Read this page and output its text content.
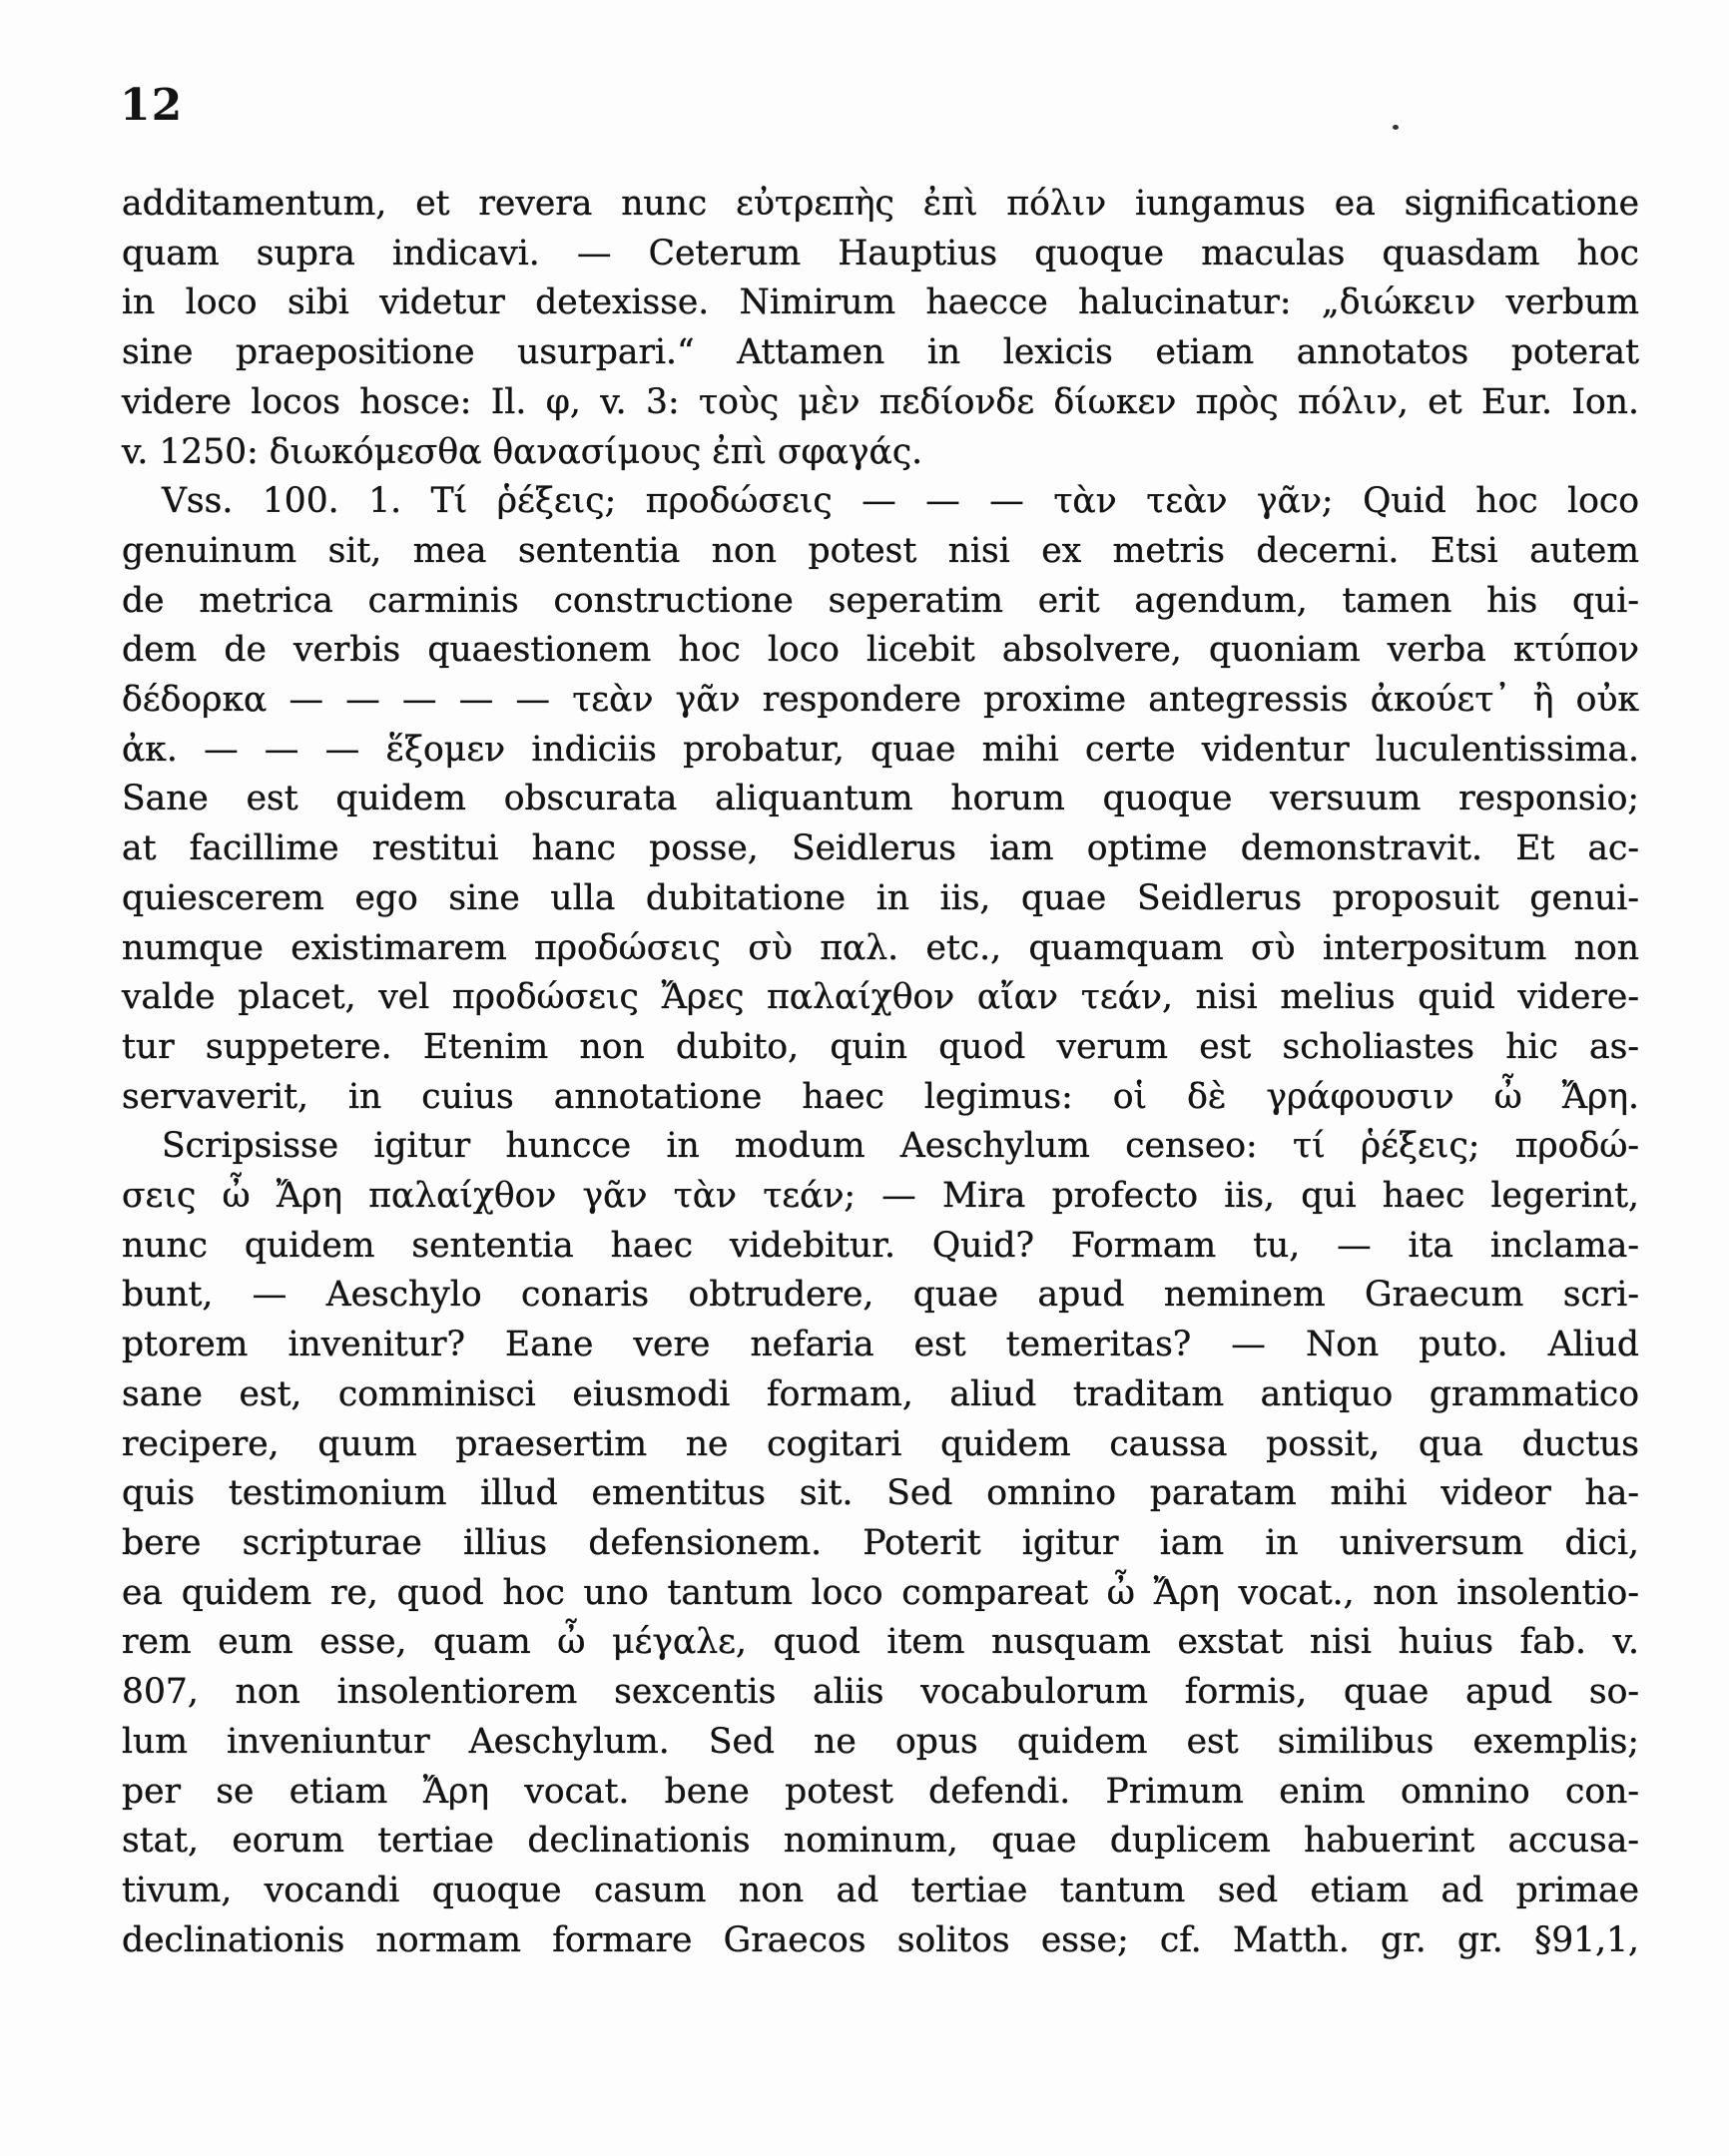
12

additamentum, et revera nunc εὐτρεπὴς ἐπὶ πόλιν iungamus ea significatione

quam supra indicavi. — Ceterum Hauptius quoque maculas quasdam hoc

in loco sibi videtur detexisse. Nimirum haecce halucinatur: „διώκειν verbum

sine praepositione usurpari.“ Attamen in lexicis etiam annotatos poterat

videre locos hosce: Il. φ, v. 3: τοὺς μὲν πεδίονδε δίωκεν πρὸς πόλιν, et Eur. Ion.

v. 1250: διωκόμεσθα θανασίμους ἐπὶ σφαγάς.

Vss. 100. 1. Τί ῥέξεις; προδώσεις — — — τὰν τεὰν γᾶν; Quid hoc loco

genuinum sit, mea sententia non potest nisi ex metris decerni. Etsi autem

de metrica carminis constructione seperatim erit agendum, tamen his qui-

dem de verbis quaestionem hoc loco licebit absolvere, quoniam verba κτύπον

δέδορκα — — — — — τεὰν γᾶν respondere proxime antegressis ἀκούετ᾽ ἢ οὐκ

ἀκ. — — — ἕξομεν indiciis probatur, quae mihi certe videntur luculentissima.

Sane est quidem obscurata aliquantum horum quoque versuum responsio;

at facillime restitui hanc posse, Seidlerus iam optime demonstravit. Et ac-

quiescerem ego sine ulla dubitatione in iis, quae Seidlerus proposuit genui-

numque existimarem προδώσεις σὺ παλ. etc., quamquam σὺ interpositum non

valde placet, vel προδώσεις Ἄρες παλαίχθον αἴαν τεάν, nisi melius quid videre-

tur suppetere. Etenim non dubito, quin quod verum est scholiastes hic as-

servaverit, in cuius annotatione haec legimus: οἱ δὲ γράφουσιν ὦ Ἄρη.

Scripsisse igitur huncce in modum Aeschylum censeo: τί ῥέξεις; προδώ-

σεις ὦ Ἄρη παλαίχθον γᾶν τὰν τεάν; — Mira profecto iis, qui haec legerint,

nunc quidem sententia haec videbitur. Quid? Formam tu, — ita inclama-

bunt, — Aeschylo conaris obtrudere, quae apud neminem Graecum scri-

ptorem invenitur? Eane vere nefaria est temeritas? — Non puto. Aliud

sane est, comminisci eiusmodi formam, aliud traditam antiquo grammatico

recipere, quum praesertim ne cogitari quidem caussa possit, qua ductus

quis testimonium illud ementitus sit. Sed omnino paratam mihi videor ha-

bere scripturae illius defensionem. Poterit igitur iam in universum dici,

ea quidem re, quod hoc uno tantum loco compareat ὦ Ἄρη vocat., non insolentio-

rem eum esse, quam ὦ μέγαλε, quod item nusquam exstat nisi huius fab. v.

807, non insolentiorem sexcentis aliis vocabulorum formis, quae apud so-

lum inveniuntur Aeschylum. Sed ne opus quidem est similibus exemplis;

per se etiam Ἄρη vocat. bene potest defendi. Primum enim omnino con-

stat, eorum tertiae declinationis nominum, quae duplicem habuerint accusa-

tivum, vocandi quoque casum non ad tertiae tantum sed etiam ad primae

declinationis normam formare Graecos solitos esse; cf. Matth. gr. gr. §91,1,
